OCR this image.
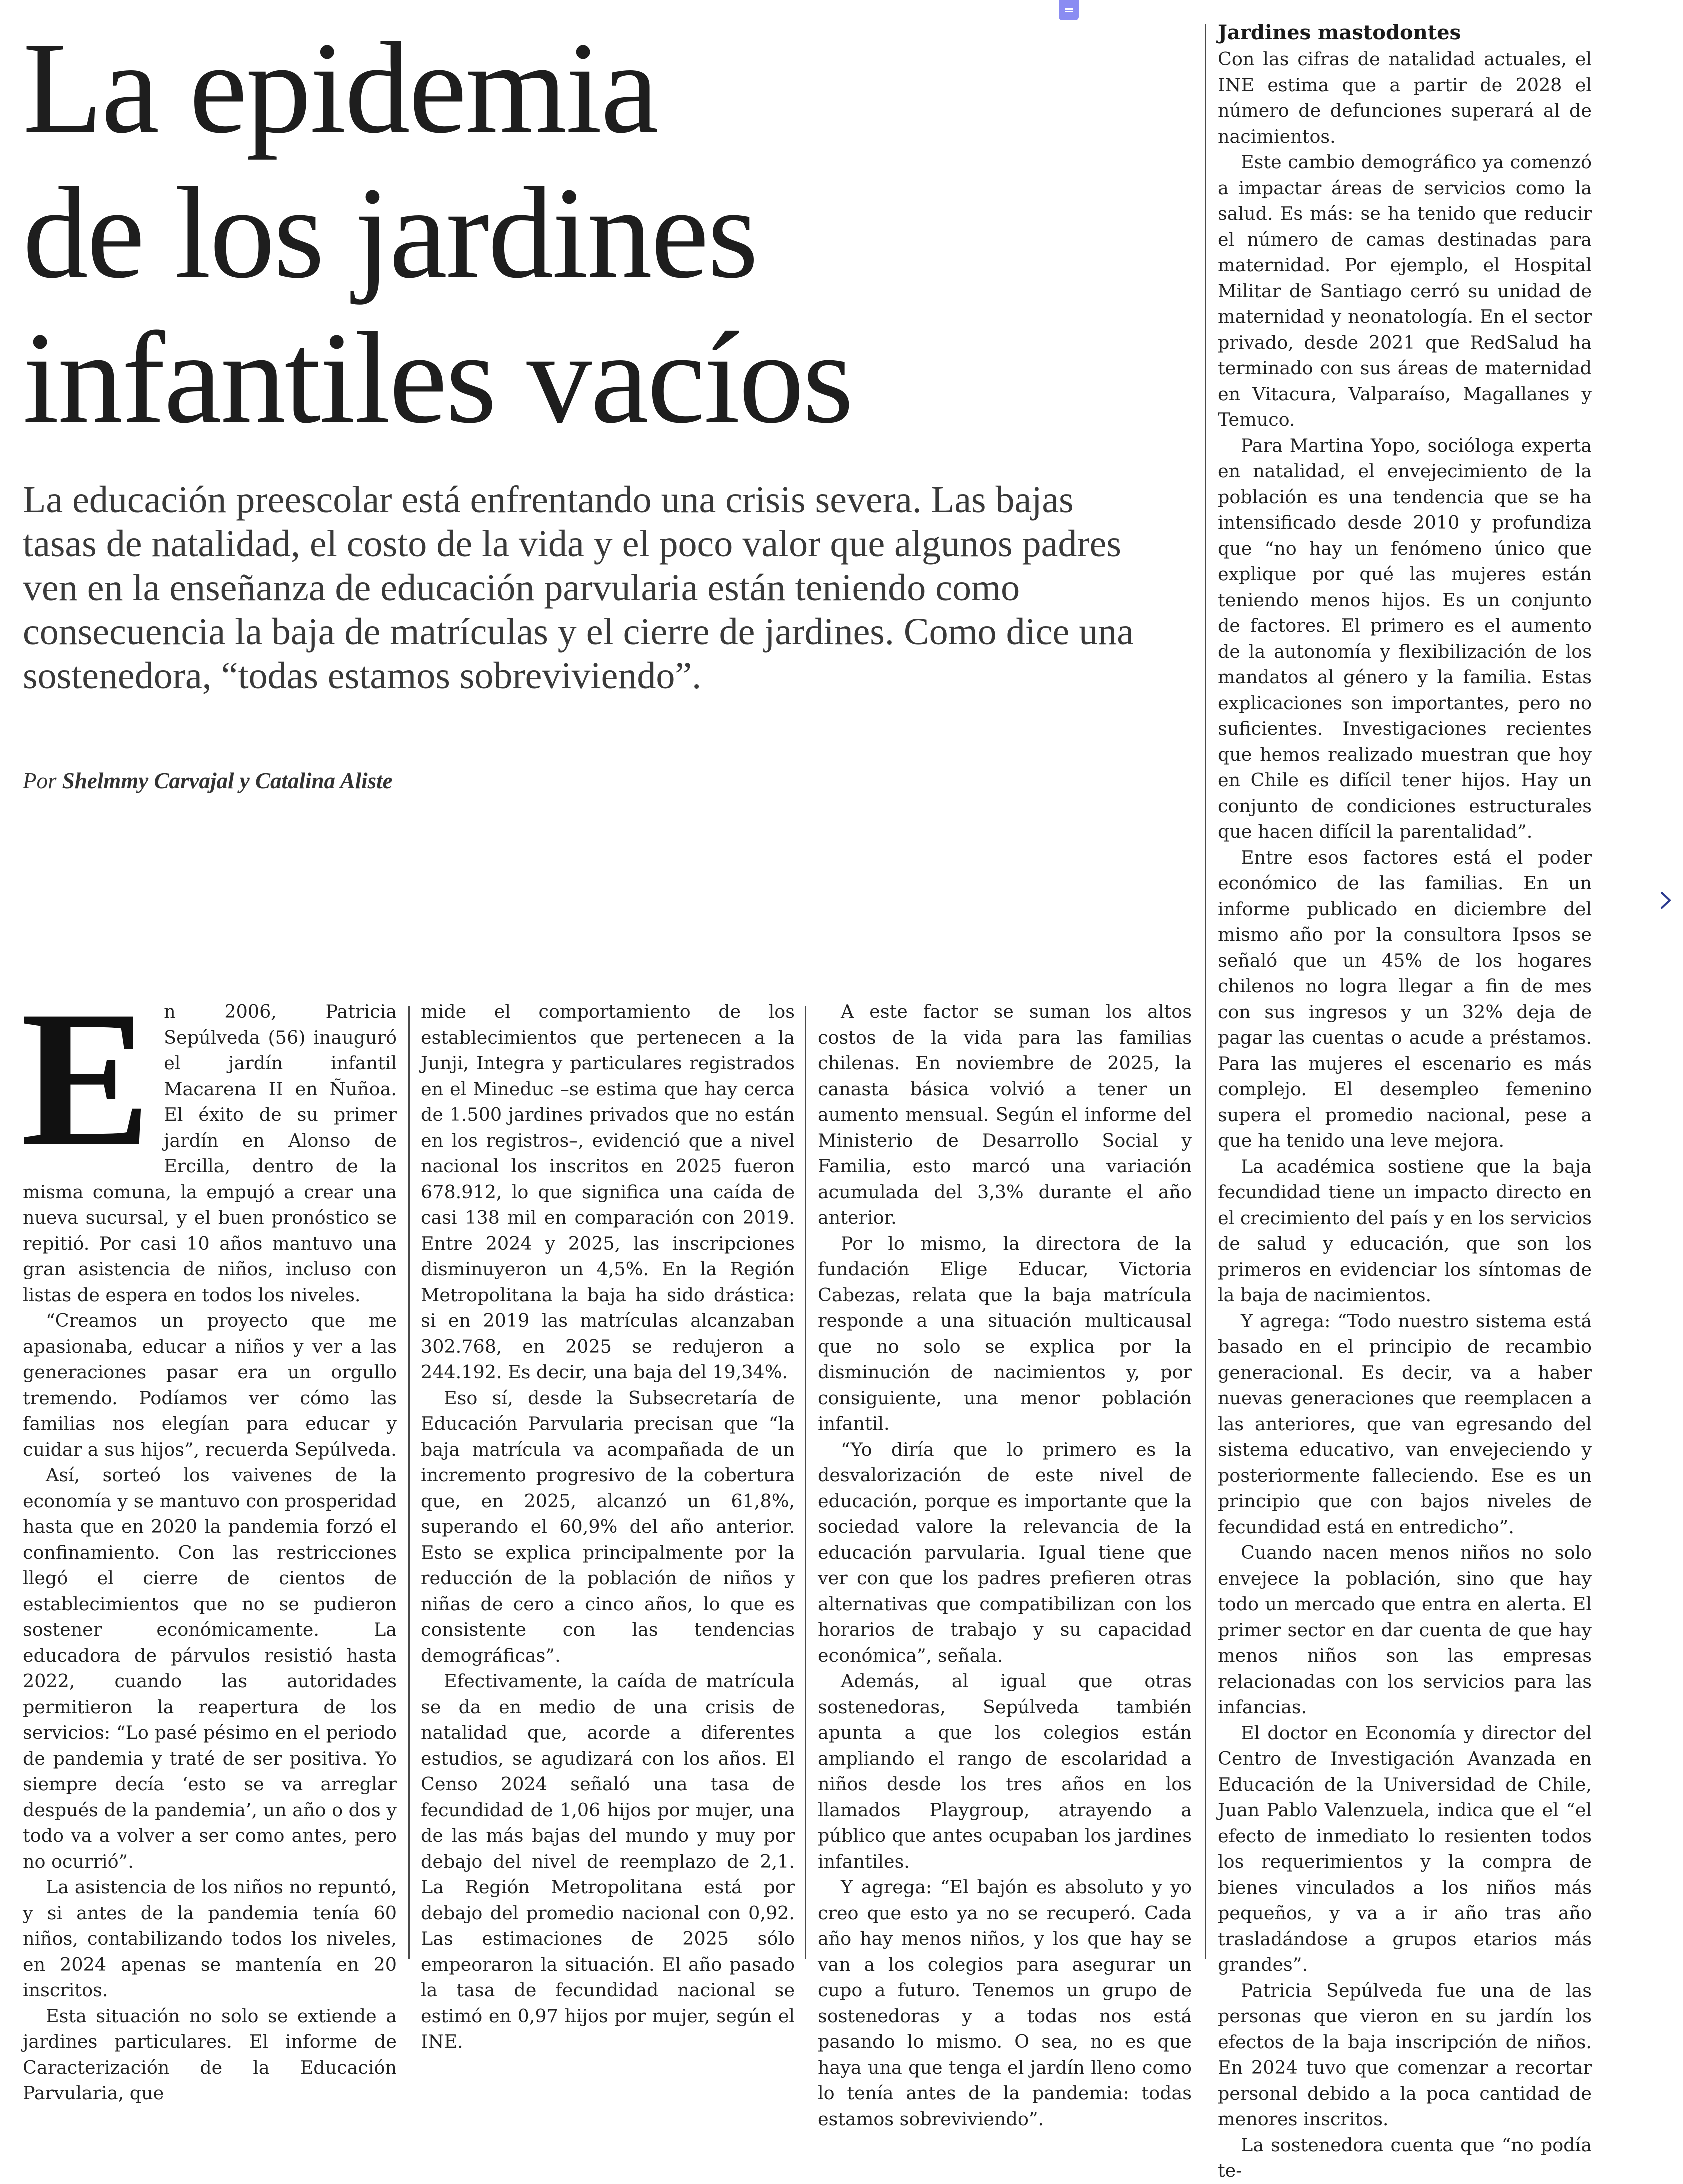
La epidemia
de los jardines
infantiles vacíos

La educación preescolar está enfrentando una crisis severa. Las bajas tasas de natalidad, el costo de la vida y el poco valor que algunos padres ven en la enseñanza de educación parvularia están teniendo como consecuencia la baja de matrículas y el cierre de jardines. Como dice una sostenedora, “todas estamos sobreviviendo”.

Por Shelmmy Carvajal y Catalina Aliste

E n 2006, Patricia Sepúlveda (56) inauguró el jardín infantil Macarena II en Ñuñoa. El éxito de su primer jardín en Alonso de Ercilla, dentro de la misma comuna, la empujó a crear una nueva sucursal, y el buen pronóstico se repitió. Por casi 10 años mantuvo una gran asistencia de niños, incluso con listas de espera en todos los niveles.

“Creamos un proyecto que me apasionaba, educar a niños y ver a las generaciones pasar era un orgullo tremendo. Podíamos ver cómo las familias nos elegían para educar y cuidar a sus hijos”, recuerda Sepúlveda.

Así, sorteó los vaivenes de la economía y se mantuvo con prosperidad hasta que en 2020 la pandemia forzó el confinamiento. Con las restricciones llegó el cierre de cientos de establecimientos que no se pudieron sostener económicamente. La educadora de párvulos resistió hasta 2022, cuando las autoridades permitieron la reapertura de los servicios: “Lo pasé pésimo en el periodo de pandemia y traté de ser positiva. Yo siempre decía ‘esto se va arreglar después de la pandemia’, un año o dos y todo va a volver a ser como antes, pero no ocurrió”.

La asistencia de los niños no repuntó, y si antes de la pandemia tenía 60 niños, contabilizando todos los niveles, en 2024 apenas se mantenía en 20 inscritos.

Esta situación no solo se extiende a jardines particulares. El informe de Caracterización de la Educación Parvularia, que

mide el comportamiento de los establecimientos que pertenecen a la Junji, Integra y particulares registrados en el Mineduc –se estima que hay cerca de 1.500 jardines privados que no están en los registros–, evidenció que a nivel nacional los inscritos en 2025 fueron 678.912, lo que significa una caída de casi 138 mil en comparación con 2019. Entre 2024 y 2025, las inscripciones disminuyeron un 4,5%. En la Región Metropolitana la baja ha sido drástica: si en 2019 las matrículas alcanzaban 302.768, en 2025 se redujeron a 244.192. Es decir, una baja del 19,34%.

Eso sí, desde la Subsecretaría de Educación Parvularia precisan que “la baja matrícula va acompañada de un incremento progresivo de la cobertura que, en 2025, alcanzó un 61,8%, superando el 60,9% del año anterior. Esto se explica principalmente por la reducción de la población de niños y niñas de cero a cinco años, lo que es consistente con las tendencias demográficas”.

Efectivamente, la caída de matrícula se da en medio de una crisis de natalidad que, acorde a diferentes estudios, se agudizará con los años. El Censo 2024 señaló una tasa de fecundidad de 1,06 hijos por mujer, una de las más bajas del mundo y muy por debajo del nivel de reemplazo de 2,1. La Región Metropolitana está por debajo del promedio nacional con 0,92. Las estimaciones de 2025 sólo empeoraron la situación. El año pasado la tasa de fecundidad nacional se estimó en 0,97 hijos por mujer, según el INE.

A este factor se suman los altos costos de la vida para las familias chilenas. En noviembre de 2025, la canasta básica volvió a tener un aumento mensual. Según el informe del Ministerio de Desarrollo Social y Familia, esto marcó una variación acumulada del 3,3% durante el año anterior.

Por lo mismo, la directora de la fundación Elige Educar, Victoria Cabezas, relata que la baja matrícula responde a una situación multicausal que no solo se explica por la disminución de nacimientos y, por consiguiente, una menor población infantil.

“Yo diría que lo primero es la desvalorización de este nivel de educación, porque es importante que la sociedad valore la relevancia de la educación parvularia. Igual tiene que ver con que los padres prefieren otras alternativas que compatibilizan con los horarios de trabajo y su capacidad económica”, señala.

Además, al igual que otras sostenedoras, Sepúlveda también apunta a que los colegios están ampliando el rango de escolaridad a niños desde los tres años en los llamados Playgroup, atrayendo a público que antes ocupaban los jardines infantiles.

Y agrega: “El bajón es absoluto y yo creo que esto ya no se recuperó. Cada año hay menos niños, y los que hay se van a los colegios para asegurar un cupo a futuro. Tenemos un grupo de sostenedoras y a todas nos está pasando lo mismo. O sea, no es que haya una que tenga el jardín lleno como lo tenía antes de la pandemia: todas estamos sobreviviendo”.

Jardines mastodontes

Con las cifras de natalidad actuales, el INE estima que a partir de 2028 el número de defunciones superará al de nacimientos.

Este cambio demográfico ya comenzó a impactar áreas de servicios como la salud. Es más: se ha tenido que reducir el número de camas destinadas para maternidad. Por ejemplo, el Hospital Militar de Santiago cerró su unidad de maternidad y neonatología. En el sector privado, desde 2021 que RedSalud ha terminado con sus áreas de maternidad en Vitacura, Valparaíso, Magallanes y Temuco.

Para Martina Yopo, socióloga experta en natalidad, el envejecimiento de la población es una tendencia que se ha intensificado desde 2010 y profundiza que “no hay un fenómeno único que explique por qué las mujeres están teniendo menos hijos. Es un conjunto de factores. El primero es el aumento de la autonomía y flexibilización de los mandatos al género y la familia. Estas explicaciones son importantes, pero no suficientes. Investigaciones recientes que hemos realizado muestran que hoy en Chile es difícil tener hijos. Hay un conjunto de condiciones estructurales que hacen difícil la parentalidad”.

Entre esos factores está el poder económico de las familias. En un informe publicado en diciembre del mismo año por la consultora Ipsos se señaló que un 45% de los hogares chilenos no logra llegar a fin de mes con sus ingresos y un 32% deja de pagar las cuentas o acude a préstamos. Para las mujeres el escenario es más complejo. El desempleo femenino supera el promedio nacional, pese a que ha tenido una leve mejora.

La académica sostiene que la baja fecundidad tiene un impacto directo en el crecimiento del país y en los servicios de salud y educación, que son los primeros en evidenciar los síntomas de la baja de nacimientos.

Y agrega: “Todo nuestro sistema está basado en el principio de recambio generacional. Es decir, va a haber nuevas generaciones que reemplacen a las anteriores, que van egresando del sistema educativo, van envejeciendo y posteriormente falleciendo. Ese es un principio que con bajos niveles de fecundidad está en entredicho”.

Cuando nacen menos niños no solo envejece la población, sino que hay todo un mercado que entra en alerta. El primer sector en dar cuenta de que hay menos niños son las empresas relacionadas con los servicios para las infancias.

El doctor en Economía y director del Centro de Investigación Avanzada en Educación de la Universidad de Chile, Juan Pablo Valenzuela, indica que el “el efecto de inmediato lo resienten todos los requerimientos y la compra de bienes vinculados a los niños más pequeños, y va a ir año tras año trasladándose a grupos etarios más grandes”.

Patricia Sepúlveda fue una de las personas que vieron en su jardín los efectos de la baja inscripción de niños. En 2024 tuvo que comenzar a recortar personal debido a la poca cantidad de menores inscritos.

La sostenedora cuenta que “no podía te-
